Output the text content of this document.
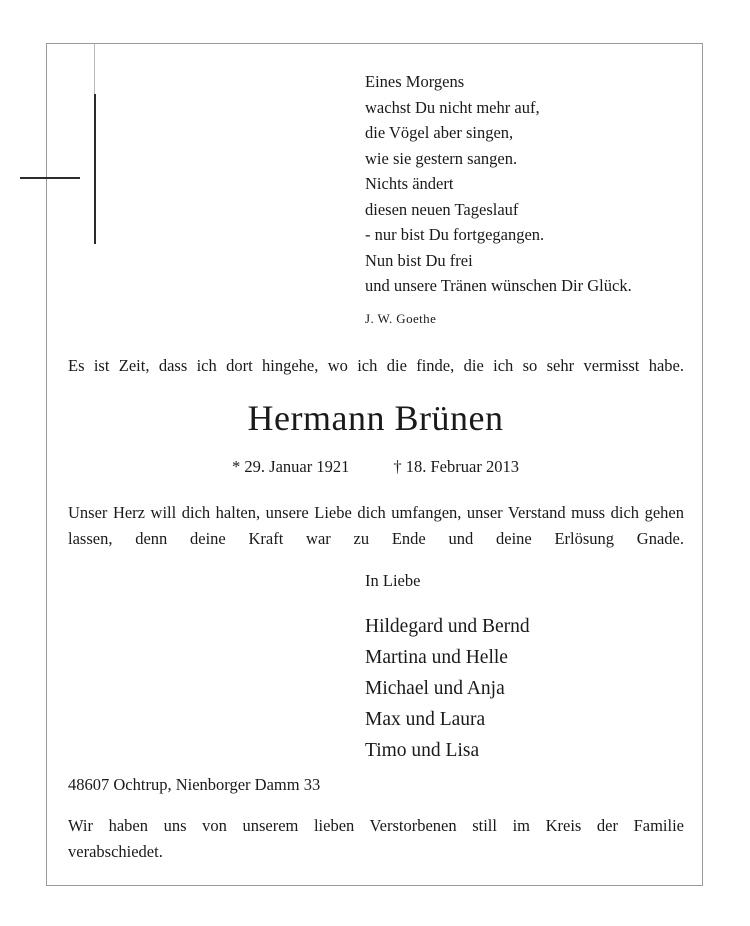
Eines Morgens
wachst Du nicht mehr auf,
die Vögel aber singen,
wie sie gestern sangen.
Nichts ändert
diesen neuen Tageslauf
- nur bist Du fortgegangen.
Nun bist Du frei
und unsere Tränen wünschen Dir Glück.
J. W. Goethe
Es ist Zeit, dass ich dort hingehe, wo ich die finde, die ich so sehr vermisst habe.
Hermann Brünen
* 29. Januar 1921	† 18. Februar 2013
Unser Herz will dich halten, unsere Liebe dich umfangen, unser Verstand muss dich gehen lassen, denn deine Kraft war zu Ende und deine Erlösung Gnade.
In Liebe
Hildegard und Bernd
Martina und Helle
Michael und Anja
Max und Laura
Timo und Lisa
48607 Ochtrup, Nienborger Damm 33
Wir haben uns von unserem lieben Verstorbenen still im Kreis der Familie
verabschiedet.
